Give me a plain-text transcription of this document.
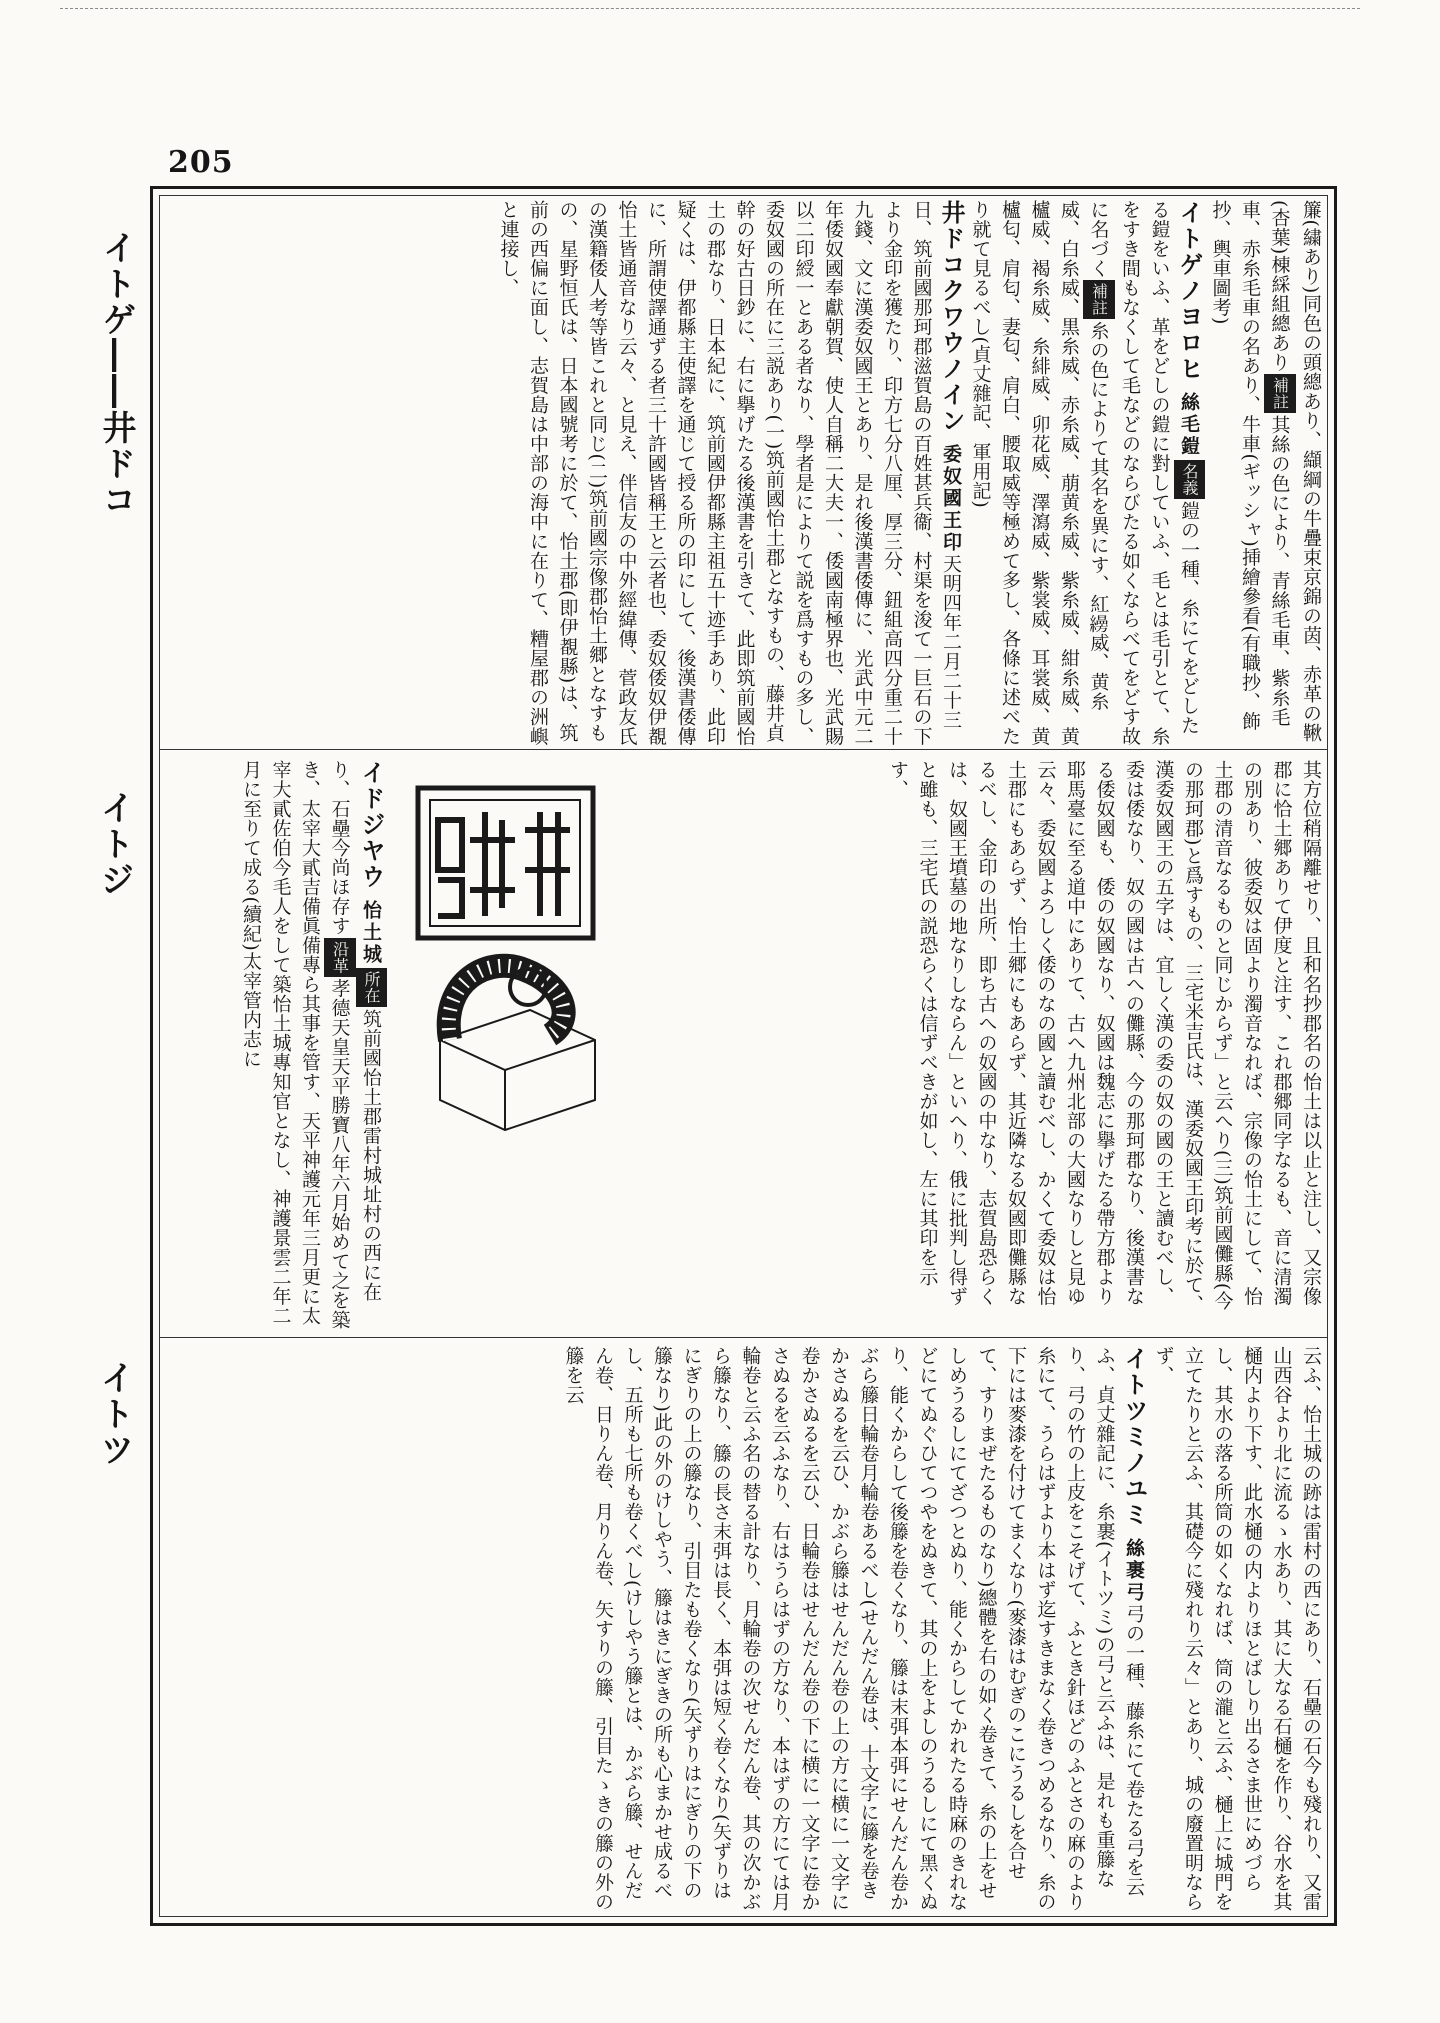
205
イトゲ――井ドコ
イトジ
イトツ

簾(繍あり)同色の頭總あり、纈綱の牛疊束京錦の茵、赤革の鞦(杏葉)棟綵組總あり補註其絲の色により、青絲毛車、紫糸毛車、赤糸毛車の名あり、牛車(ギッシャ)挿繪參看(有職抄、飾抄、輿車圖考)

イトゲノヨロヒ絲毛鎧名義鎧の一種、糸にてをどしたる鎧をいふ、革をどしの鎧に對していふ、毛とは毛引とて、糸をすき間もなくして毛などのならびたる如くならべてをどす故に名づく補註糸の色によりて其名を異にす、紅𦆅威、黄糸威、白糸威、黒糸威、赤糸威、萠黄糸威、紫糸威、紺糸威、黄櫨威、褐糸威、糸緋威、卯花威、澤瀉威、紫裳威、耳裳威、黄櫨匂、肩匂、妻匂、肩白、腰取威等極めて多し、各條に述べたり就て見るべし(貞丈雜記、軍用記)

井ドコクワウノイン委奴國王印天明四年二月二十三日、筑前國那珂郡滋賀島の百姓甚兵衞、村渠を浚て一巨石の下より金印を獲たり、印方七分八厘、厚三分、鈕組高四分重二十九錢、文に漢委奴國王とあり、是れ後漢書倭傳に、光武中元二年倭奴國奉獻朝賀、使人自稱二大夫一、倭國南極界也、光武賜以二印綬一とある者なり、學者是によりて説を爲すもの多し、委奴國の所在に三説あり(一)筑前國怡土郡となすもの、藤井貞幹の好古日鈔に、右に擧げたる後漢書を引きて、此即筑前國怡土の郡なり、日本紀に、筑前國伊都縣主祖五十迹手あり、此印疑くは、伊都縣主使譯を通じて授る所の印にして、後漢書倭傳に、所謂使譯通ずる者三十許國皆稱王と云者也、委奴倭奴伊覩怡土皆通音なり云々、と見え、伴信友の中外經緯傳、菅政友氏の漢籍倭人考等皆これと同じ(二)筑前國宗像郡怡土郷となすもの、星野恒氏は、日本國號考に於て、怡土郡(即伊覩縣)は、筑前の西偏に面し、志賀島は中部の海中に在りて、糟屋郡の洲嶼と連接し、

其方位稍隔離せり、且和名抄郡名の怡土は以止と注し、又宗像郡に恰土郷ありて伊度と注す、これ郡郷同字なるも、音に清濁の別あり、彼委奴は固より濁音なれば、宗像の怡土にして、怡土郡の清音なるものと同じからず」と云へり(三)筑前國儺縣(今の那珂郡)と爲すもの、三宅米吉氏は、漢委奴國王印考に於て、漢委奴國王の五字は、宜しく漢の委の奴の國の王と讀むべし、委は倭なり、奴の國は古への儺縣、今の那珂郡なり、後漢書なる倭奴國も、倭の奴國なり、奴國は魏志に擧げたる帶方郡より耶馬臺に至る道中にありて、古へ九州北部の大國なりしと見ゆ云々、委奴國よろしく倭のなの國と讀むべし、かくて委奴は怡土郡にもあらず、怡土郷にもあらず、其近隣なる奴國即儺縣なるべし、金印の出所、即ち古への奴國の中なり、志賀島恐らくは、奴國王墳墓の地なりしならん」といへり、俄に批判し得ずと雖も、三宅氏の説恐らくは信ずべきが如し、左に其印を示す、

イドジヤウ怡土城所在筑前國怡土郡雷村城址村の西に在り、石壘今尚ほ存す沿革孝德天皇天平勝寶八年六月始めて之を築き、太宰大貳吉備眞備專ら其事を管す、天平神護元年三月更に太宰大貳佐伯今毛人をして築怡土城專知官となし、神護景雲二年二月に至りて成る(續紀)太宰管内志に

云ふ、怡土城の跡は雷村の西にあり、石壘の石今も殘れり、又雷山西谷より北に流るゝ水あり、其に大なる石樋を作り、谷水を其樋内より下す、此水樋の内よりほとばしり出るさま世にめづらし、其水の落る所筒の如くなれば、筒の瀧と云ふ、樋上に城門を立てたりと云ふ、其礎今に殘れり云々」とあり、城の廢置明ならず、

イトツミノユミ絲裹弓弓の一種、藤糸にて卷たる弓を云ふ、貞丈雜記に、糸裹(イトツミ)の弓と云ふは、是れも重籐なり、弓の竹の上皮をこそげて、ふとき針ほどのふとさの麻のより糸にて、うらはずより本はず迄すきまなく卷きつめるなり、糸の下には麥漆を付けてまくなり(麥漆はむぎのこにうるしを合せて、すりまぜたるものなり)總體を右の如く卷きて、糸の上をせしめうるしにてざつとぬり、能くからしてかれたる時麻のきれなどにてぬぐひてつやをぬきて、其の上をよしのうるしにて黑くぬり、能くからして後籐を卷くなり、籐は末弭本弭にせんだん卷かぶら籐日輪卷月輪卷あるべし(せんだん卷は、十文字に籐を卷きかさぬるを云ひ、かぶら籐はせんだん卷の上の方に横に一文字に卷かさぬるを云ひ、日輪卷はせんだん卷の下に横に一文字に卷かさぬるを云ふなり、右はうらはずの方なり、本はずの方にては月輪卷と云ふ名の替る計なり、月輪卷の次せんだん卷、其の次かぶら籐なり、籐の長さ末弭は長く、本弭は短く卷くなり(矢ずりはにぎりの上の籐なり、引目たも卷くなり(矢ずりはにぎりの下の籐なり)此の外のけしやう、籐はきにぎきの所も心まかせ成るべし、五所も七所も卷くべし(けしやう籐とは、かぶら籐、せんだん卷、日りん卷、月りん卷、矢すりの籐、引目たゝきの籐の外の籐を云
